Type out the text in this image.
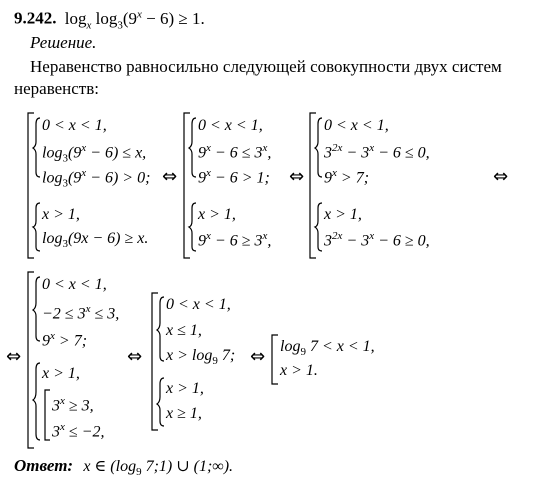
9.242. $\log_x \log_3(9^x - 6) \ge 1$.
Решение.
Неравенство равносильно следующей совокупности двух систем неравенств:
0 < x < 1,
$\log_3(9^x - 6) \le x$,
$\log_3(9^x - 6) > 0$; ⇔
x > 1,
$\log_3(9x - 6) \ge x$.
0 < x < 1,
$9^x - 6 \le 3^x$,
$9^x - 6 > 1$; ⇔
x > 1,
$9^x - 6 \ge 3^x$,
0 < x < 1,
$3^{2x} - 3^x - 6 \le 0$,
$9^x > 7$;	⇔
x > 1,
$3^{2x} - 3^x - 6 \ge 0$,
⇔
0 < x < 1,
$-2 \le 3^x \le 3$,
$9^x > 7$;
x > 1,
$3^x \ge 3$,
$3^x \le -2$,
⇔
0 < x < 1,
x ≤ 1,
$x > \log_9 7$; ⇔
x > 1,
x ≥ 1,
$\log_9 7 < x < 1$,
x > 1.
Ответ: x ∈ ($\log_9$ 7;1) ∪ (1;∞).
